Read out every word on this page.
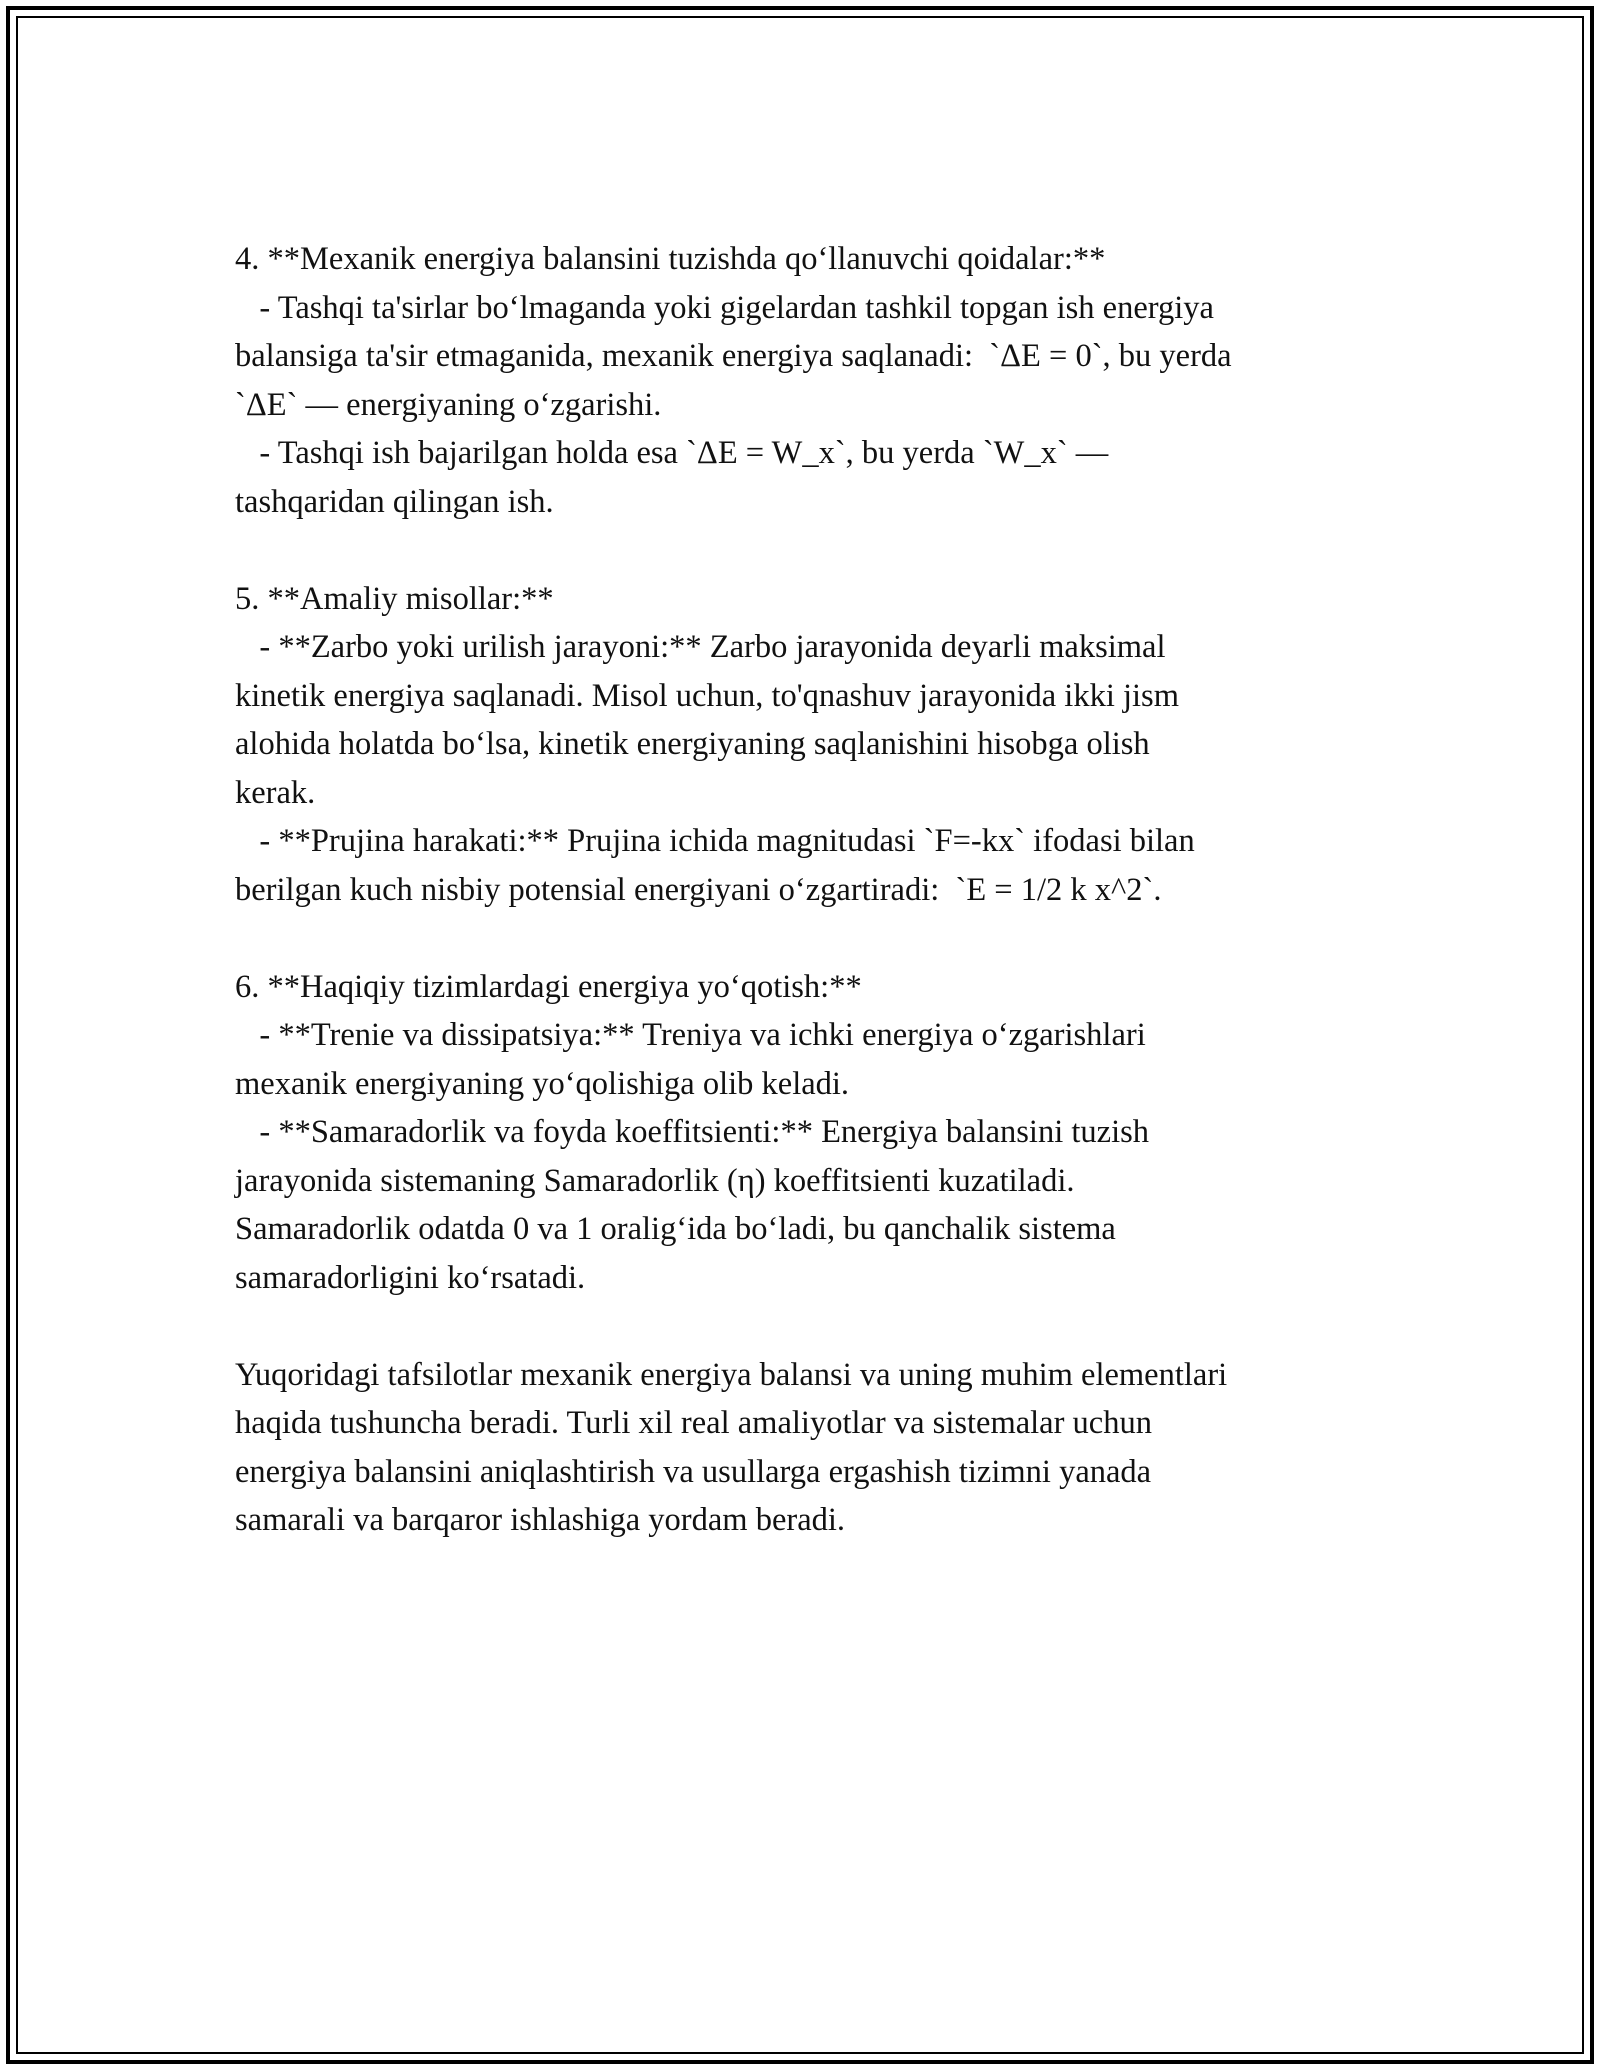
4. **Mexanik energiya balansini tuzishda qo‘llanuvchi qoidalar:**
- Tashqi ta'sirlar bo‘lmaganda yoki gigelardan tashkil topgan ish energiya
balansiga ta'sir etmaganida, mexanik energiya saqlanadi:  `ΔE = 0`, bu yerda
`ΔE` — energiyaning o‘zgarishi.
- Tashqi ish bajarilgan holda esa `ΔE = W_x`, bu yerda `W_x` —
tashqaridan qilingan ish.
5. **Amaliy misollar:**
- **Zarbo yoki urilish jarayoni:** Zarbo jarayonida deyarli maksimal
kinetik energiya saqlanadi. Misol uchun, to'qnashuv jarayonida ikki jism
alohida holatda bo‘lsa, kinetik energiyaning saqlanishini hisobga olish
kerak.
- **Prujina harakati:** Prujina ichida magnitudasi `F=-kx` ifodasi bilan
berilgan kuch nisbiy potensial energiyani o‘zgartiradi:  `E = 1/2 k x^2`.
6. **Haqiqiy tizimlardagi energiya yo‘qotish:**
- **Trenie va dissipatsiya:** Treniya va ichki energiya o‘zgarishlari
mexanik energiyaning yo‘qolishiga olib keladi.
- **Samaradorlik va foyda koeffitsienti:** Energiya balansini tuzish
jarayonida sistemaning Samaradorlik (η) koeffitsienti kuzatiladi.
Samaradorlik odatda 0 va 1 oralig‘ida bo‘ladi, bu qanchalik sistema
samaradorligini ko‘rsatadi.
Yuqoridagi tafsilotlar mexanik energiya balansi va uning muhim elementlari
haqida tushuncha beradi. Turli xil real amaliyotlar va sistemalar uchun
energiya balansini aniqlashtirish va usullarga ergashish tizimni yanada
samarali va barqaror ishlashiga yordam beradi.
